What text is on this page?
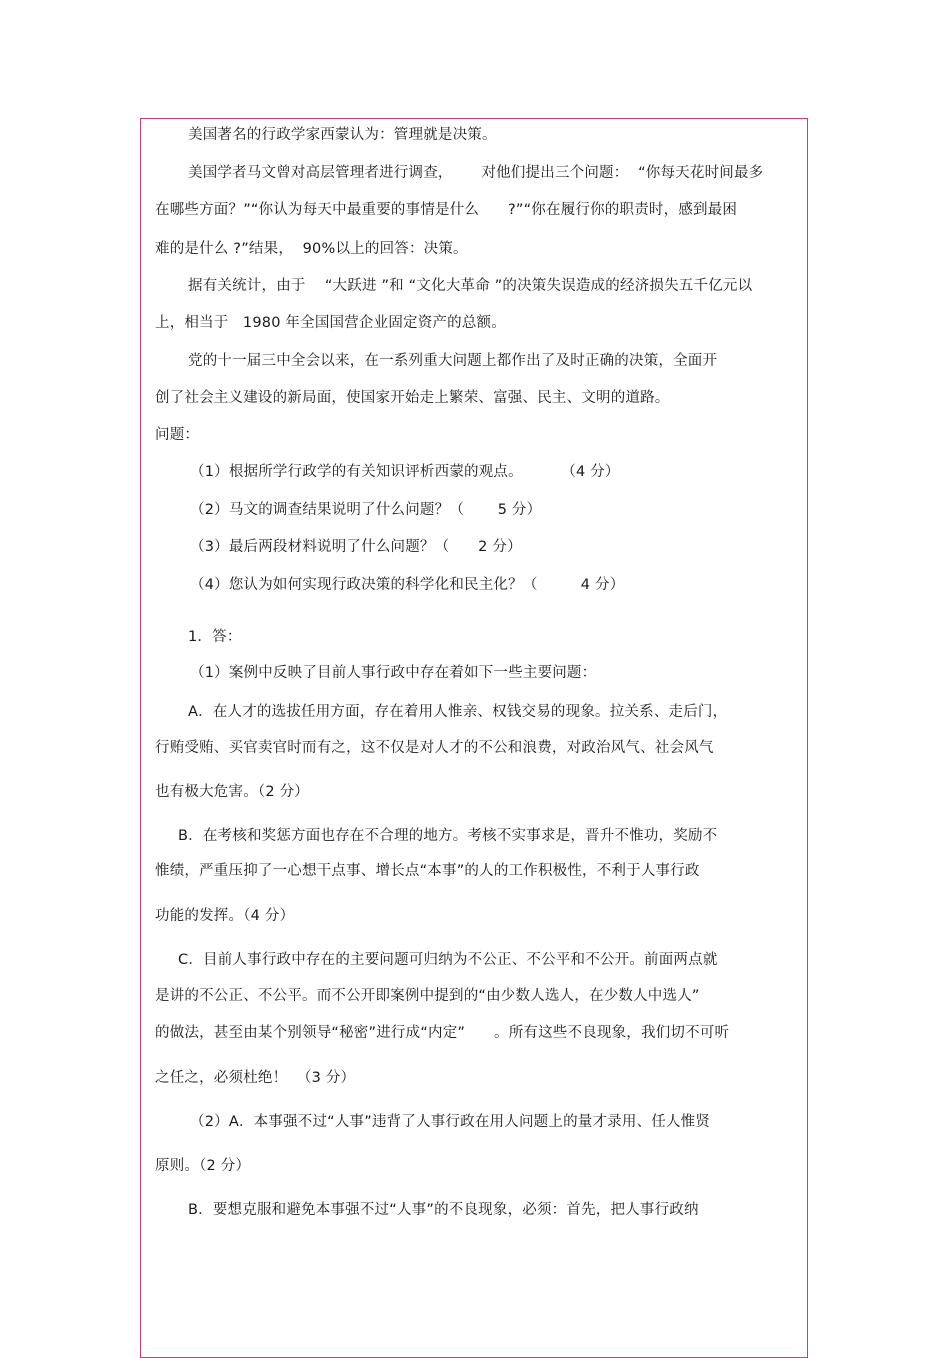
美国著名的行政学家西蒙认为：管理就是决策。
美国学者马文曾对高层管理者进行调查，      对他们提出三个问题：  “你每天花时间最多
在哪些方面？”“你认为每天中最重要的事情是什么      ?”“你在履行你的职责时，感到最困
难的是什么 ?”结果，  90%以上的回答：决策。
据有关统计，由于    “大跃进 ”和 “文化大革命 ”的决策失误造成的经济损失五千亿元以
上，相当于   1980 年全国国营企业固定资产的总额。
党的十一届三中全会以来，在一系列重大问题上都作出了及时正确的决策，全面开
创了社会主义建设的新局面，使国家开始走上繁荣、富强、民主、文明的道路。
问题：
（1）根据所学行政学的有关知识评析西蒙的观点。        （4 分）
（2）马文的调查结果说明了什么问题？（       5 分）
（3）最后两段材料说明了什么问题？（      2 分）
（4）您认为如何实现行政决策的科学化和民主化？（         4 分）
1．答：
（1）案例中反映了目前人事行政中存在着如下一些主要问题：
A．在人才的选拔任用方面，存在着用人惟亲、权钱交易的现象。拉关系、走后门，
行贿受贿、买官卖官时而有之，这不仅是对人才的不公和浪费，对政治风气、社会风气
也有极大危害。（2 分）
B．在考核和奖惩方面也存在不合理的地方。考核不实事求是，晋升不惟功，奖励不
惟绩，严重压抑了一心想干点事、增长点“本事”的人的工作积极性，不利于人事行政
功能的发挥。（4 分）
C．目前人事行政中存在的主要问题可归纳为不公正、不公平和不公开。前面两点就
是讲的不公正、不公平。而不公开即案例中提到的“由少数人选人，在少数人中选人”
的做法，甚至由某个别领导“秘密”进行成“内定”      。所有这些不良现象，我们切不可听
之任之，必须杜绝！  （3 分）
（2）A．本事强不过“人事”违背了人事行政在用人问题上的量才录用、任人惟贤
原则。（2 分）
B．要想克服和避免本事强不过“人事”的不良现象，必须：首先，把人事行政纳
